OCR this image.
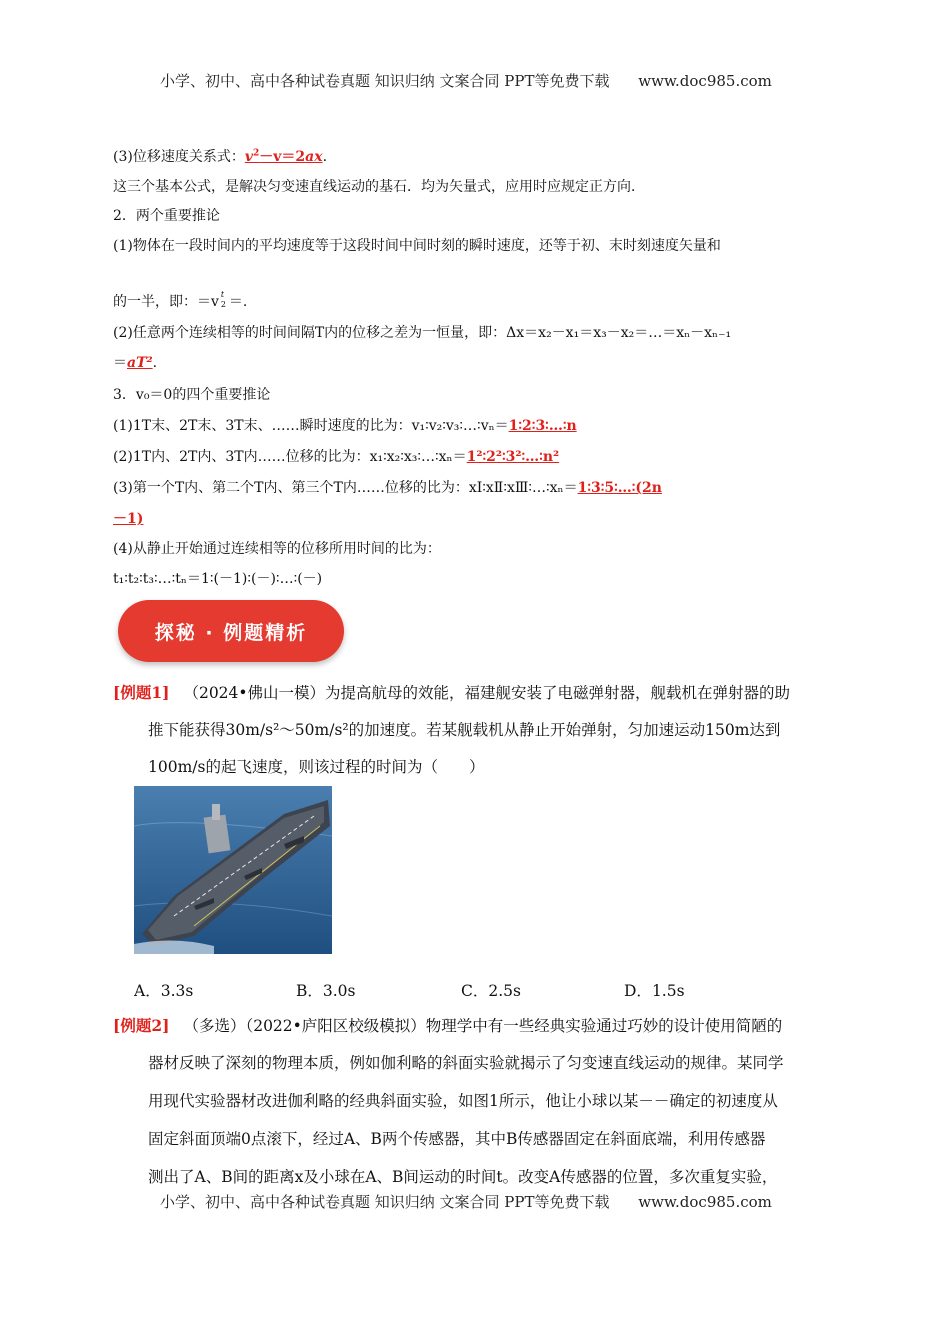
小学、初中、高中各种试卷真题 知识归纳 文案合同 PPT等免费下载 www.doc985.com
(3)位移速度关系式：$v^2-v=2ax$.
这三个基本公式，是解决匀变速直线运动的基石．均为矢量式，应用时应规定正方向．
2．两个重要推论
(1)物体在一段时间内的平均速度等于这段时间中间时刻的瞬时速度，还等于初、末时刻速度矢量和
的一半，即：＝v t
2 ＝.
(2)任意两个连续相等的时间间隔T内的位移之差为一恒量，即：Δx＝x₂－x₁＝x₃－x₂＝…＝xₙ－xₙ₋₁
＝aT².
3．v₀＝0的四个重要推论
(1)1T末、2T末、3T末、……瞬时速度的比为：v₁∶v₂∶v₃∶…∶vₙ＝1∶2∶3∶…∶n
(2)1T内、2T内、3T内……位移的比为：x₁∶x₂∶x₃∶…∶xₙ＝1²∶2²∶3²∶…∶n²
(3)第一个T内、第二个T内、第三个T内……位移的比为：xⅠ∶xⅡ∶xⅢ∶…∶xₙ＝1∶3∶5∶…∶(2n
－1)
(4)从静止开始通过连续相等的位移所用时间的比为：
t₁∶t₂∶t₃∶…∶tₙ＝1∶(－1)∶(－)∶…∶(－)
探秘 · 例题精析
[例题1] （2024•佛山一模）为提高航母的效能，福建舰安装了电磁弹射器，舰载机在弹射器的助
推下能获得30m/s²～50m/s²的加速度。若某舰载机从静止开始弹射，匀加速运动150m达到
100m/s的起飞速度，则该过程的时间为（　　）
A．3.3s	B．3.0s	C．2.5s	D．1.5s
[例题2] （多选）（2022•庐阳区校级模拟）物理学中有一些经典实验通过巧妙的设计使用简陋的
器材反映了深刻的物理本质，例如伽利略的斜面实验就揭示了匀变速直线运动的规律。某同学
用现代实验器材改进伽利略的经典斜面实验，如图1所示，他让小球以某－－确定的初速度从
固定斜面顶端0点滚下，经过A、B两个传感器，其中B传感器固定在斜面底端，利用传感器
测出了A、B间的距离x及小球在A、B间运动的时间t。改变A传感器的位置，多次重复实验，
小学、初中、高中各种试卷真题 知识归纳 文案合同 PPT等免费下载 www.doc985.com
